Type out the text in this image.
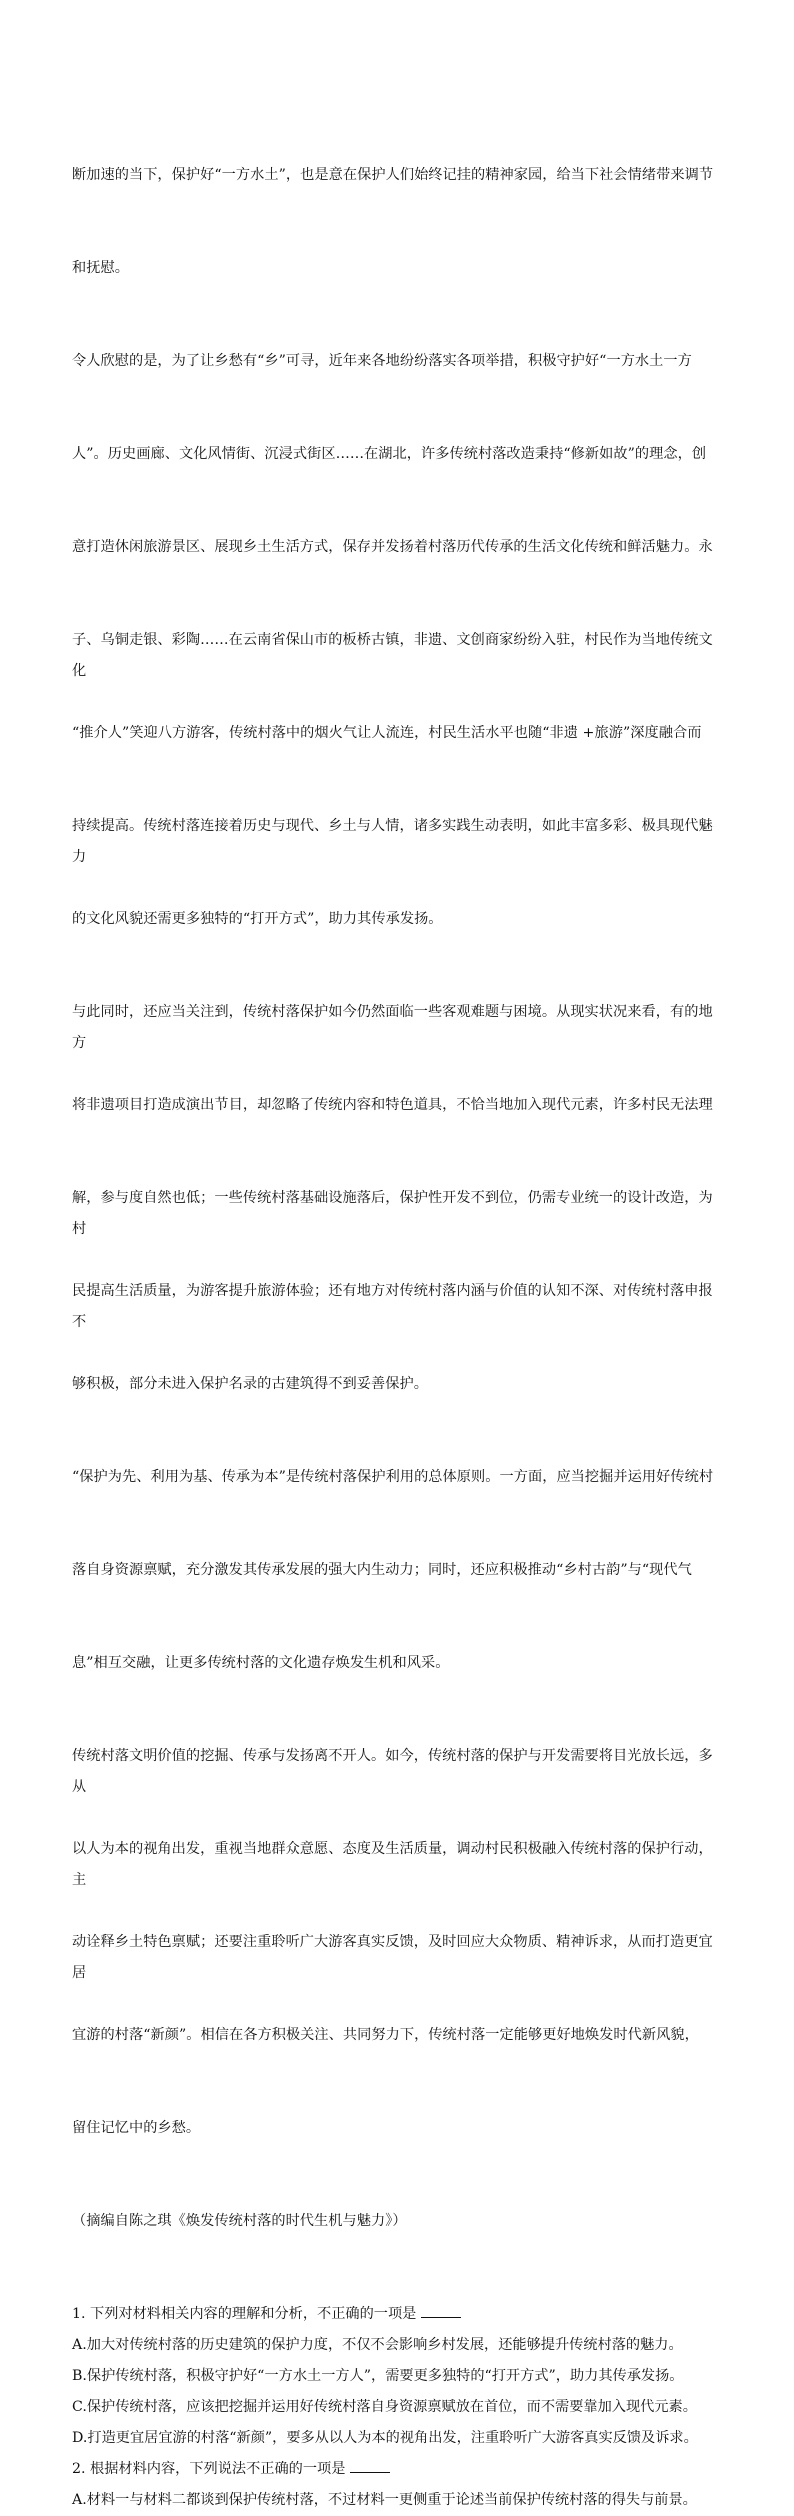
断加速的当下，保护好“一方水土”，也是意在保护人们始终记挂的精神家园，给当下社会情绪带来调节

和抚慰。

令人欣慰的是，为了让乡愁有“乡”可寻，近年来各地纷纷落实各项举措，积极守护好“一方水土一方

人”。历史画廊、文化风情街、沉浸式街区……在湖北，许多传统村落改造秉持“修新如故”的理念，创

意打造休闲旅游景区、展现乡土生活方式，保存并发扬着村落历代传承的生活文化传统和鲜活魅力。永

子、乌铜走银、彩陶……在云南省保山市的板桥古镇，非遗、文创商家纷纷入驻，村民作为当地传统文化

“推介人”笑迎八方游客，传统村落中的烟火气让人流连，村民生活水平也随“非遗 +旅游”深度融合而

持续提高。传统村落连接着历史与现代、乡土与人情，诸多实践生动表明，如此丰富多彩、极具现代魅力

的文化风貌还需更多独特的“打开方式”，助力其传承发扬。

与此同时，还应当关注到，传统村落保护如今仍然面临一些客观难题与困境。从现实状况来看，有的地方

将非遗项目打造成演出节目，却忽略了传统内容和特色道具，不恰当地加入现代元素，许多村民无法理

解，参与度自然也低；一些传统村落基础设施落后，保护性开发不到位，仍需专业统一的设计改造，为村

民提高生活质量，为游客提升旅游体验；还有地方对传统村落内涵与价值的认知不深、对传统村落申报不

够积极，部分未进入保护名录的古建筑得不到妥善保护。

“保护为先、利用为基、传承为本”是传统村落保护利用的总体原则。一方面，应当挖掘并运用好传统村

落自身资源禀赋，充分激发其传承发展的强大内生动力；同时，还应积极推动“乡村古韵”与“现代气

息”相互交融，让更多传统村落的文化遗存焕发生机和风采。

传统村落文明价值的挖掘、传承与发扬离不开人。如今，传统村落的保护与开发需要将目光放长远，多从

以人为本的视角出发，重视当地群众意愿、态度及生活质量，调动村民积极融入传统村落的保护行动，主

动诠释乡土特色禀赋；还要注重聆听广大游客真实反馈，及时回应大众物质、精神诉求，从而打造更宜居

宜游的村落“新颜”。相信在各方积极关注、共同努力下，传统村落一定能够更好地焕发时代新风貌，

留住记忆中的乡愁。

（摘编自陈之琪《焕发传统村落的时代生机与魅力》）

1. 下列对材料相关内容的理解和分析，不正确的一项是
A.加大对传统村落的历史建筑的保护力度，不仅不会影响乡村发展，还能够提升传统村落的魅力。
B.保护传统村落，积极守护好“一方水土一方人”，需要更多独特的“打开方式”，助力其传承发扬。
C.保护传统村落，应该把挖掘并运用好传统村落自身资源禀赋放在首位，而不需要靠加入现代元素。
D.打造更宜居宜游的村落“新颜”，要多从以人为本的视角出发，注重聆听广大游客真实反馈及诉求。
2. 根据材料内容，下列说法不正确的一项是
A.材料一与材料二都谈到保护传统村落，不过材料一更侧重于论述当前保护传统村落的得失与前景。
